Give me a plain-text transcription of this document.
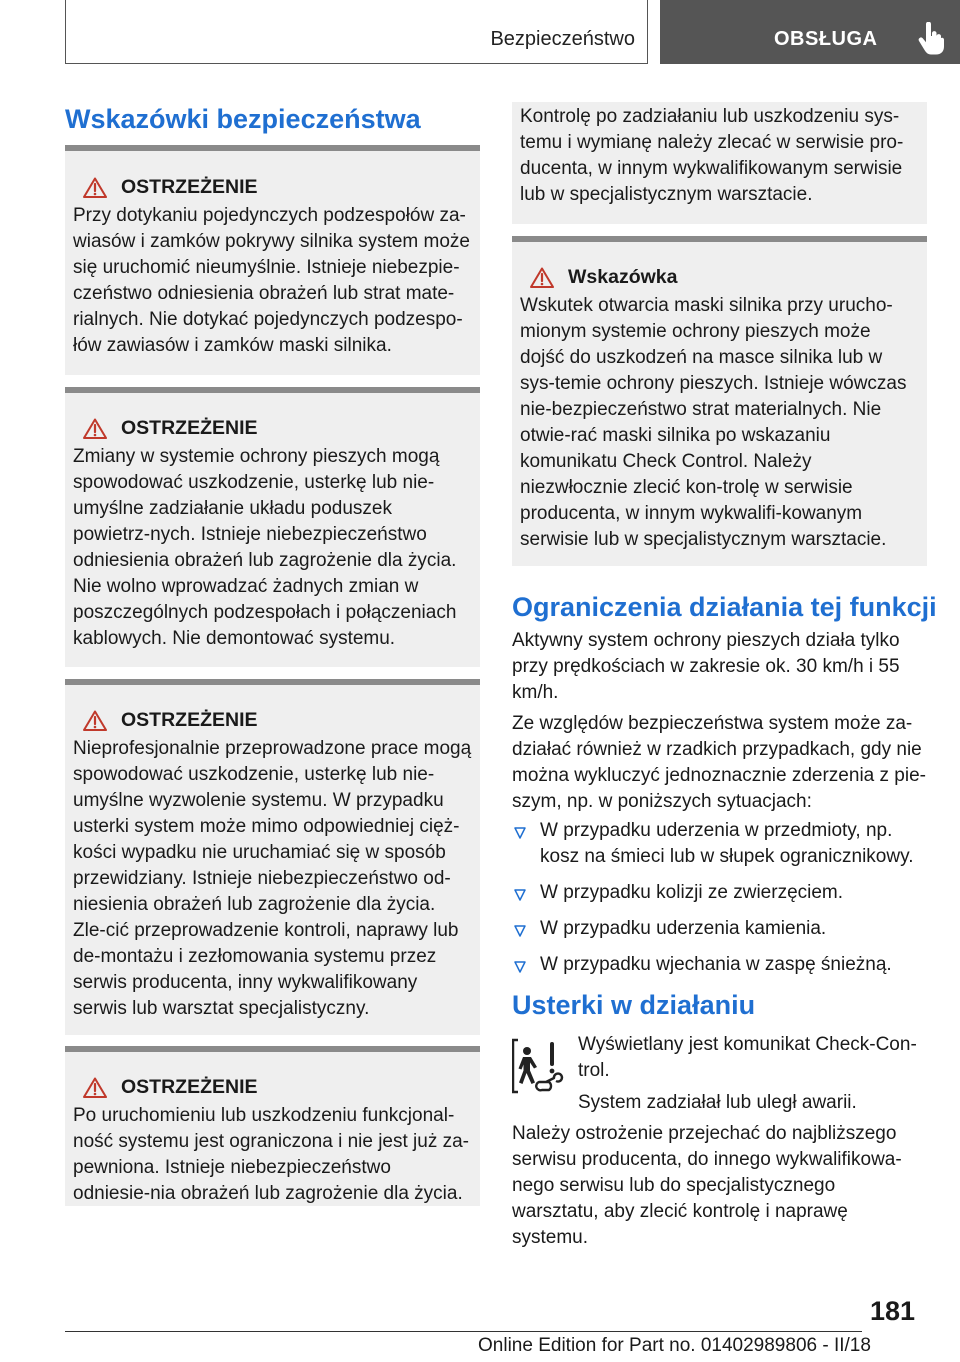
Bezpieczeństwo	OBSŁUGA
Wskazówki bezpieczeństwa
OSTRZEŻENIE

Przy dotykaniu pojedynczych podzespołów za-wiasów i zamków pokrywy silnika system może się uruchomić nieumyślnie. Istnieje niebezpie-czeństwo odniesienia obrażeń lub strat mate-rialnych. Nie dotykać pojedynczych podzespo-łów zawiasów i zamków maski silnika.

OSTRZEŻENIE

Zmiany w systemie ochrony pieszych mogą spowodować uszkodzenie, usterkę lub nie-umyślne zadziałanie układu poduszek powietrz-nych. Istnieje niebezpieczeństwo odniesienia obrażeń lub zagrożenie dla życia. Nie wolno wprowadzać żadnych zmian w poszczególnych podzespołach i połączeniach kablowych. Nie demontować systemu.

OSTRZEŻENIE

Nieprofesjonalnie przeprowadzone prace mogą spowodować uszkodzenie, usterkę lub nie-umyślne wyzwolenie systemu. W przypadku usterki system może mimo odpowiedniej cięż-kości wypadku nie uruchamiać się w sposób przewidziany. Istnieje niebezpieczeństwo od-niesienia obrażeń lub zagrożenie dla życia. Zle-cić przeprowadzenie kontroli, naprawy lub de-montażu i zezłomowania systemu przez serwis producenta, inny wykwalifikowany serwis lub warsztat specjalistyczny.

OSTRZEŻENIE

Po uruchomieniu lub uszkodzeniu funkcjonal-ność systemu jest ograniczona i nie jest już za-pewniona. Istnieje niebezpieczeństwo odniesie-nia obrażeń lub zagrożenie dla życia.

Kontrolę po zadziałaniu lub uszkodzeniu sys-temu i wymianę należy zlecać w serwisie pro-ducenta, w innym wykwalifikowanym serwisie lub w specjalistycznym warsztacie.

Wskazówka

Wskutek otwarcia maski silnika przy urucho-mionym systemie ochrony pieszych może dojść do uszkodzeń na masce silnika lub w sys-temie ochrony pieszych. Istnieje wówczas nie-bezpieczeństwo strat materialnych. Nie otwie-rać maski silnika po wskazaniu komunikatu Check Control. Należy niezwłocznie zlecić kon-trolę w serwisie producenta, w innym wykwalifi-kowanym serwisie lub w specjalistycznym warsztacie.

Ograniczenia działania tej funkcji

Aktywny system ochrony pieszych działa tylko przy prędkościach w zakresie ok. 30 km/h i 55 km/h.

Ze względów bezpieczeństwa system może za-działać również w rzadkich przypadkach, gdy nie można wykluczyć jednoznacznie zderzenia z pie-szym, np. w poniższych sytuacjach:

W przypadku uderzenia w przedmioty, np. kosz na śmieci lub w słupek ogranicznikowy.
W przypadku kolizji ze zwierzęciem.
W przypadku uderzenia kamienia.
W przypadku wjechania w zaspę śnieżną.
Usterki w działaniu

Wyświetlany jest komunikat Check-Con-trol.

System zadziałał lub uległ awarii.

Należy ostrożenie przejechać do najbliższego serwisu producenta, do innego wykwalifikowa-nego serwisu lub do specjalistycznego warsztatu, aby zlecić kontrolę i naprawę systemu.

181
Online Edition for Part no. 01402989806 - II/18
